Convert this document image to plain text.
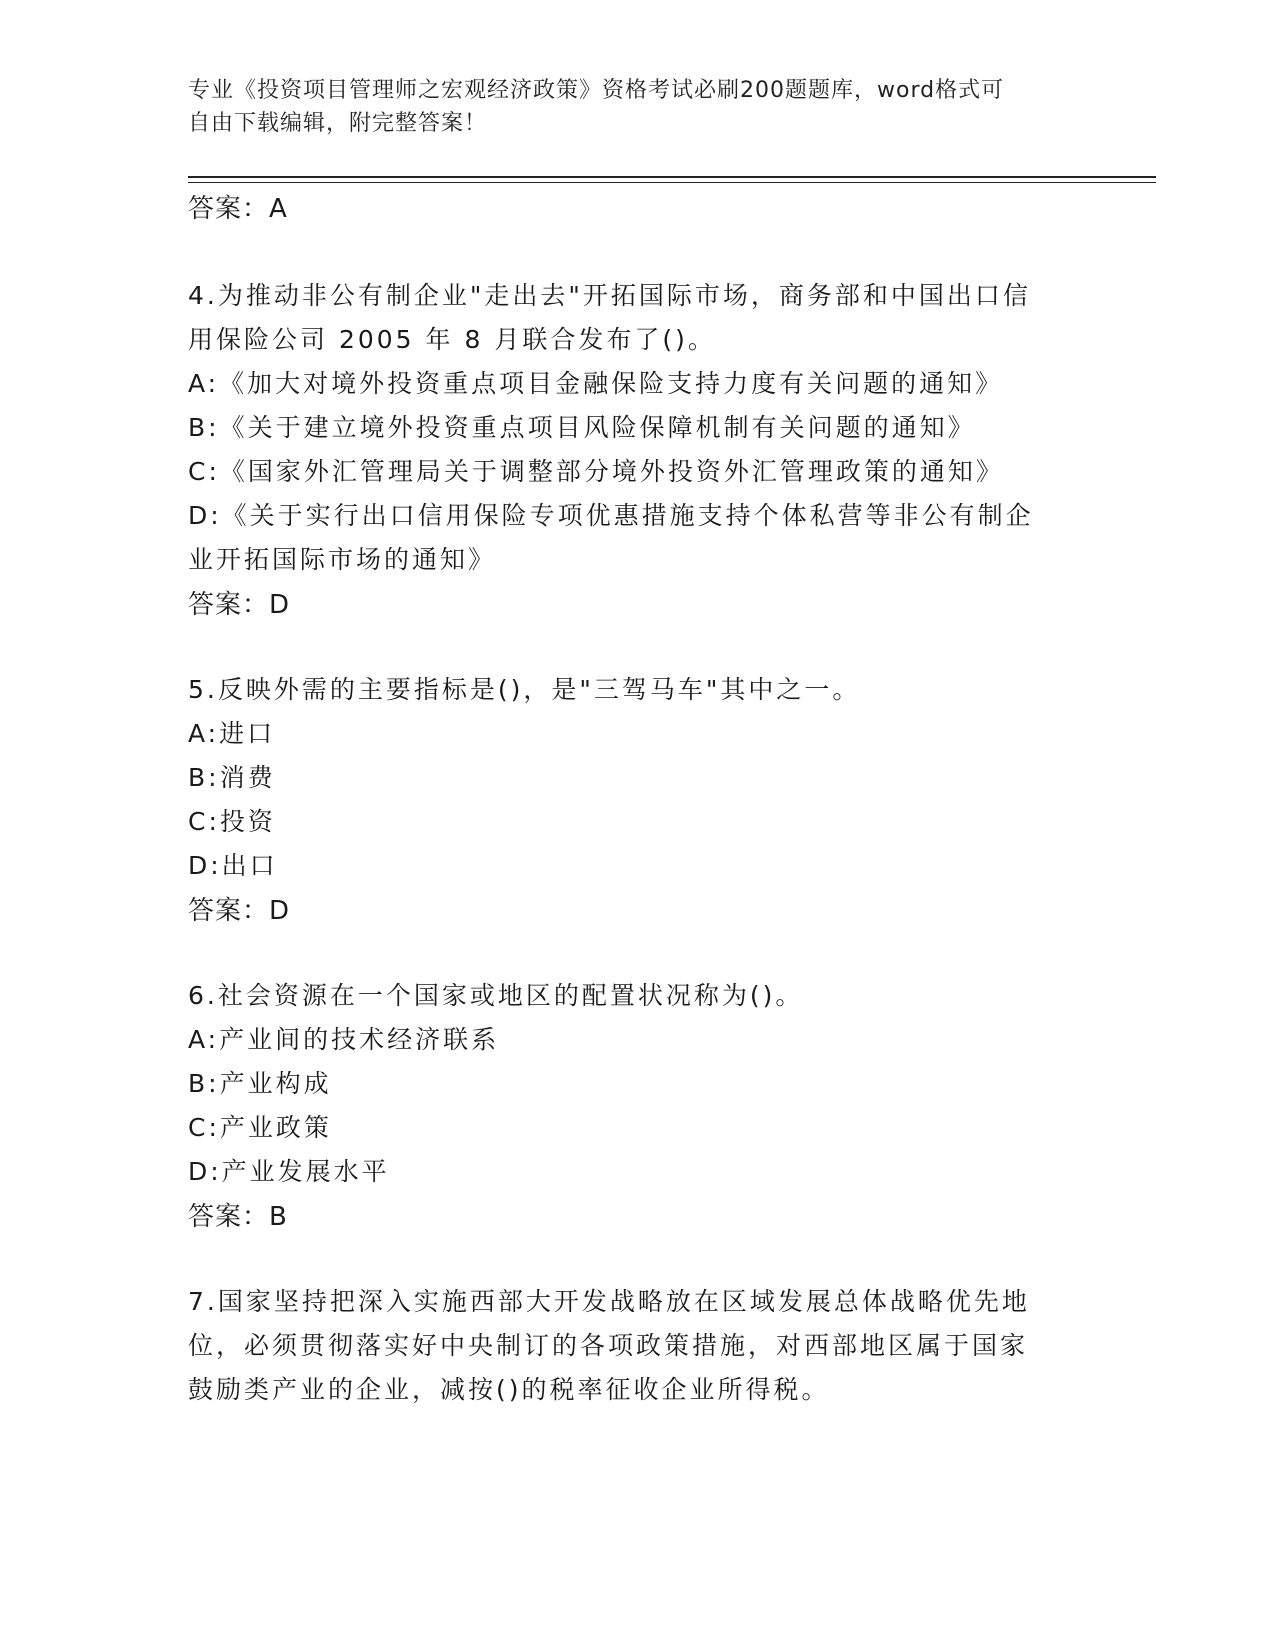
专业《投资项目管理师之宏观经济政策》资格考试必刷200题题库，word格式可
自由下载编辑，附完整答案！
答案：A
4.为推动非公有制企业"走出去"开拓国际市场，商务部和中国出口信
用保险公司 2005 年 8 月联合发布了()。
A:《加大对境外投资重点项目金融保险支持力度有关问题的通知》
B:《关于建立境外投资重点项目风险保障机制有关问题的通知》
C:《国家外汇管理局关于调整部分境外投资外汇管理政策的通知》
D:《关于实行出口信用保险专项优惠措施支持个体私营等非公有制企
业开拓国际市场的通知》
答案：D
5.反映外需的主要指标是()，是"三驾马车"其中之一。
A:进口
B:消费
C:投资
D:出口
答案：D
6.社会资源在一个国家或地区的配置状况称为()。
A:产业间的技术经济联系
B:产业构成
C:产业政策
D:产业发展水平
答案：B
7.国家坚持把深入实施西部大开发战略放在区域发展总体战略优先地
位，必须贯彻落实好中央制订的各项政策措施，对西部地区属于国家
鼓励类产业的企业，减按()的税率征收企业所得税。
